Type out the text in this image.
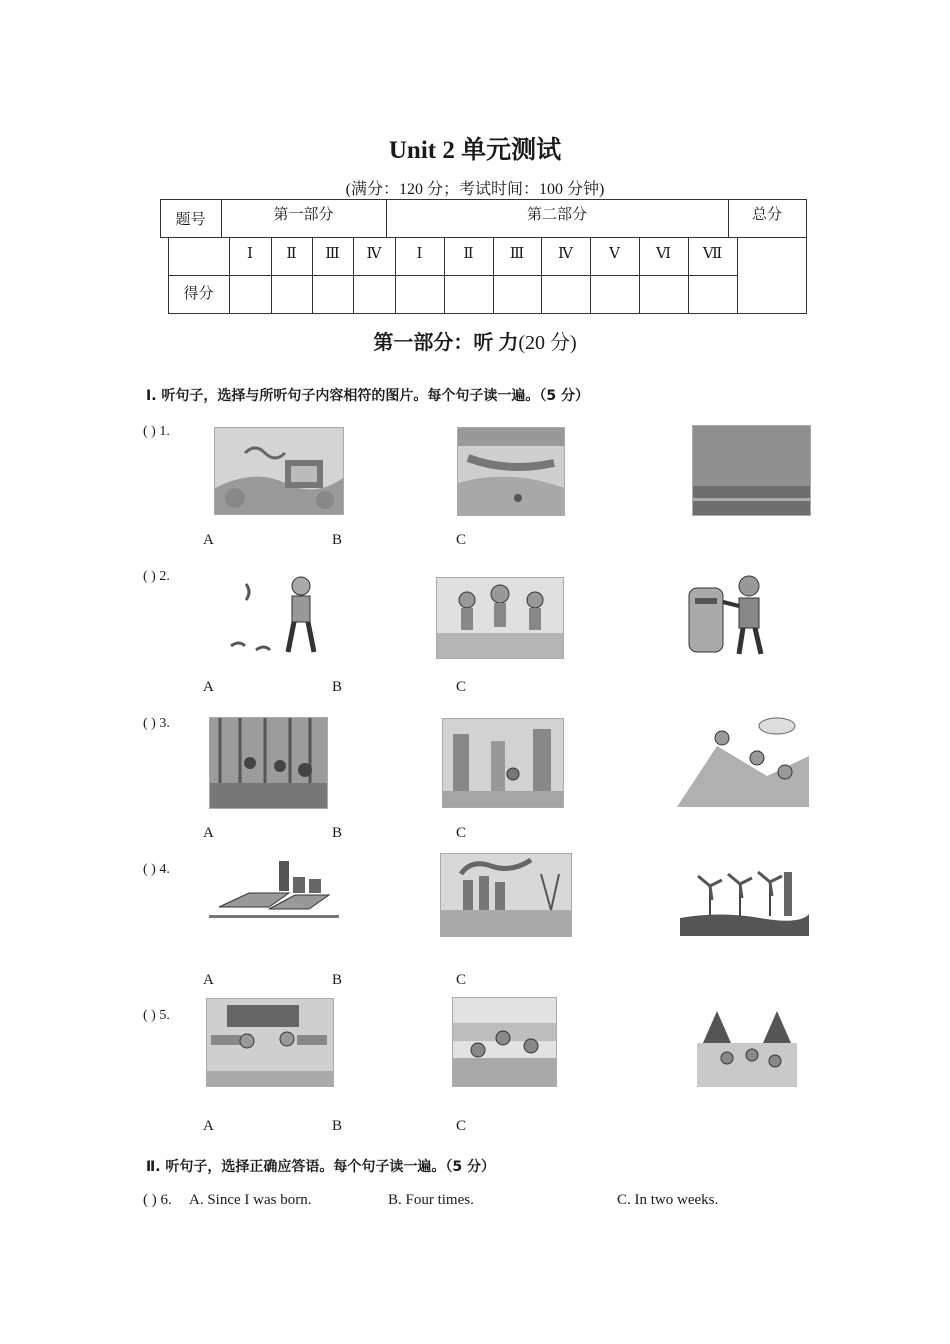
Unit 2 单元测试
(满分：120 分；考试时间：100 分钟)
题号	第一部分	第二部分	总分
Ⅰ	Ⅱ	Ⅲ	Ⅳ	Ⅰ	Ⅱ	Ⅲ	Ⅳ	Ⅴ	Ⅵ	Ⅶ
得分
第一部分：听 力(20 分)
Ⅰ. 听句子，选择与所听句子内容相符的图片。每个句子读一遍。（5 分）
( ) 1.
A	B	C
( ) 2.
A	B	C
( ) 3.
A	B	C
( ) 4.
A	B	C
( ) 5.
A	B	C
Ⅱ. 听句子，选择正确应答语。每个句子读一遍。（5 分）
( ) 6. A. Since I was born.	B. Four times.	C. In two weeks.
